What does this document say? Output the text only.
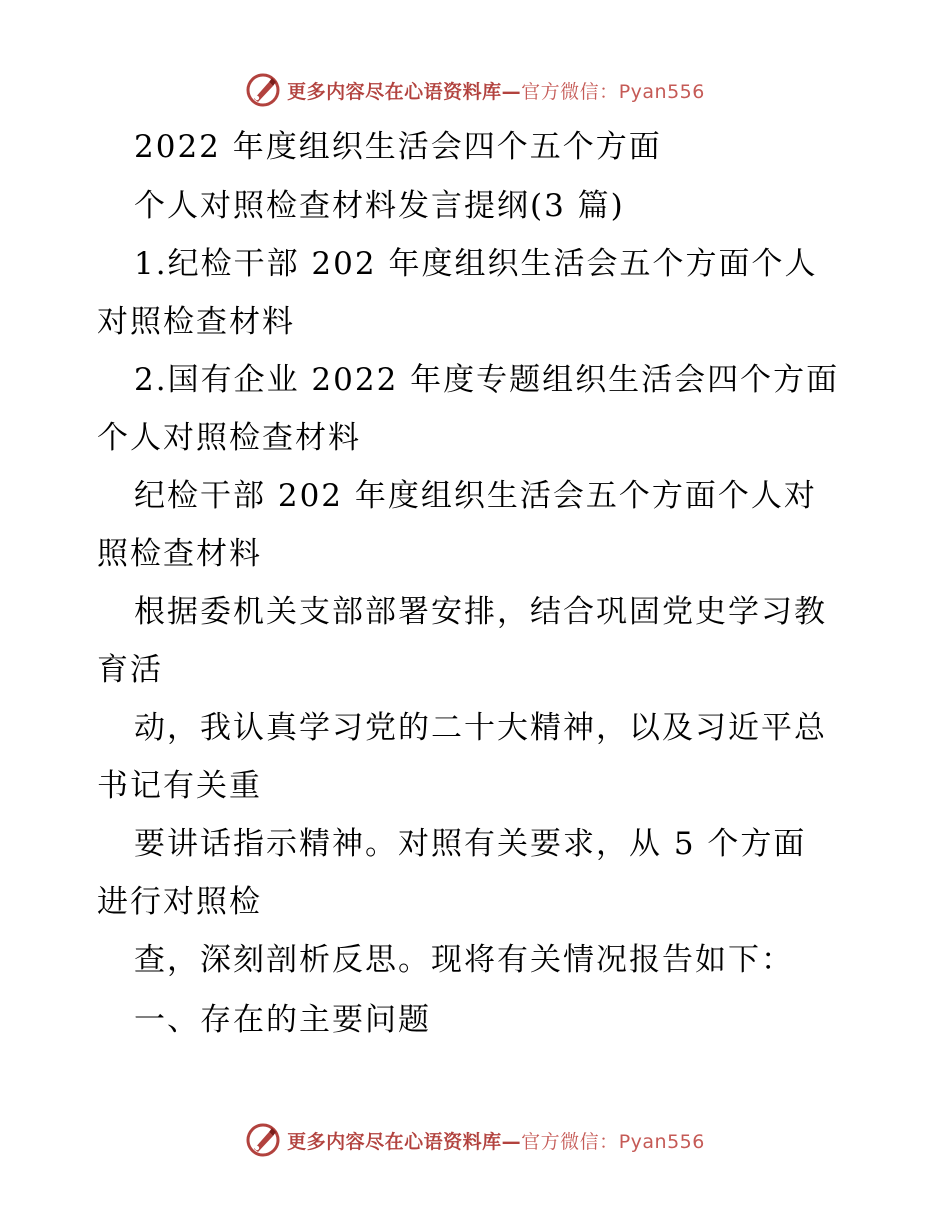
更多内容尽在心语资料库—官方微信：Pyan556
2022 年度组织生活会四个五个方面
个人对照检查材料发言提纲(3 篇)
1.纪检干部 202 年度组织生活会五个方面个人
对照检查材料
2.国有企业 2022 年度专题组织生活会四个方面
个人对照检查材料
纪检干部 202 年度组织生活会五个方面个人对
照检查材料
根据委机关支部部署安排，结合巩固党史学习教
育活
动，我认真学习党的二十大精神，以及习近平总
书记有关重
要讲话指示精神。对照有关要求，从 5 个方面
进行对照检
查，深刻剖析反思。现将有关情况报告如下：
一、存在的主要问题
更多内容尽在心语资料库—官方微信：Pyan556
